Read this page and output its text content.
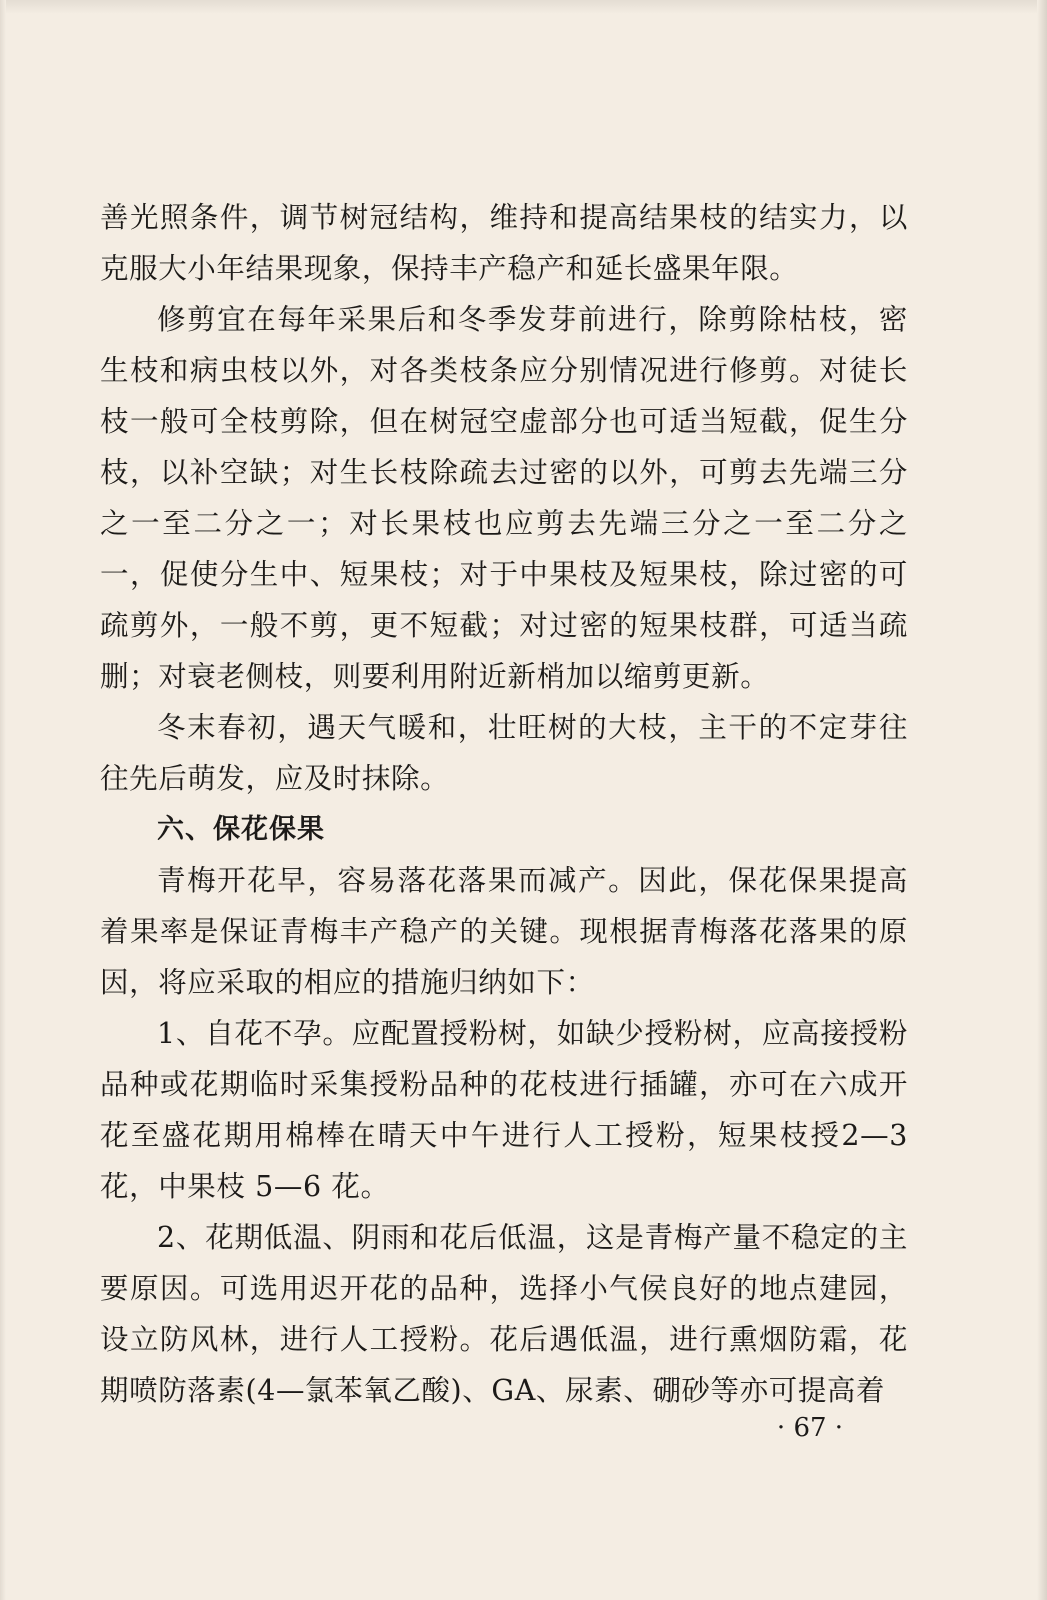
善光照条件，调节树冠结构，维持和提高结果枝的结实力，以克服大小年结果现象，保持丰产稳产和延长盛果年限。

修剪宜在每年采果后和冬季发芽前进行，除剪除枯枝，密生枝和病虫枝以外，对各类枝条应分别情况进行修剪。对徒长枝一般可全枝剪除，但在树冠空虚部分也可适当短截，促生分枝，以补空缺；对生长枝除疏去过密的以外，可剪去先端三分之一至二分之一；对长果枝也应剪去先端三分之一至二分之一，促使分生中、短果枝；对于中果枝及短果枝，除过密的可疏剪外，一般不剪，更不短截；对过密的短果枝群，可适当疏删；对衰老侧枝，则要利用附近新梢加以缩剪更新。

冬末春初，遇天气暖和，壮旺树的大枝，主干的不定芽往往先后萌发，应及时抹除。

六、保花保果

青梅开花早，容易落花落果而减产。因此，保花保果提高着果率是保证青梅丰产稳产的关键。现根据青梅落花落果的原因，将应采取的相应的措施归纳如下：

1、自花不孕。应配置授粉树，如缺少授粉树，应高接授粉品种或花期临时采集授粉品种的花枝进行插罐，亦可在六成开花至盛花期用棉棒在晴天中午进行人工授粉，短果枝授2—3 花，中果枝 5—6 花。

2、花期低温、阴雨和花后低温，这是青梅产量不稳定的主要原因。可选用迟开花的品种，选择小气侯良好的地点建园，设立防风林，进行人工授粉。花后遇低温，进行熏烟防霜，花期喷防落素(4—氯苯氧乙酸)、GA、尿素、硼砂等亦可提高着

· 67 ·
